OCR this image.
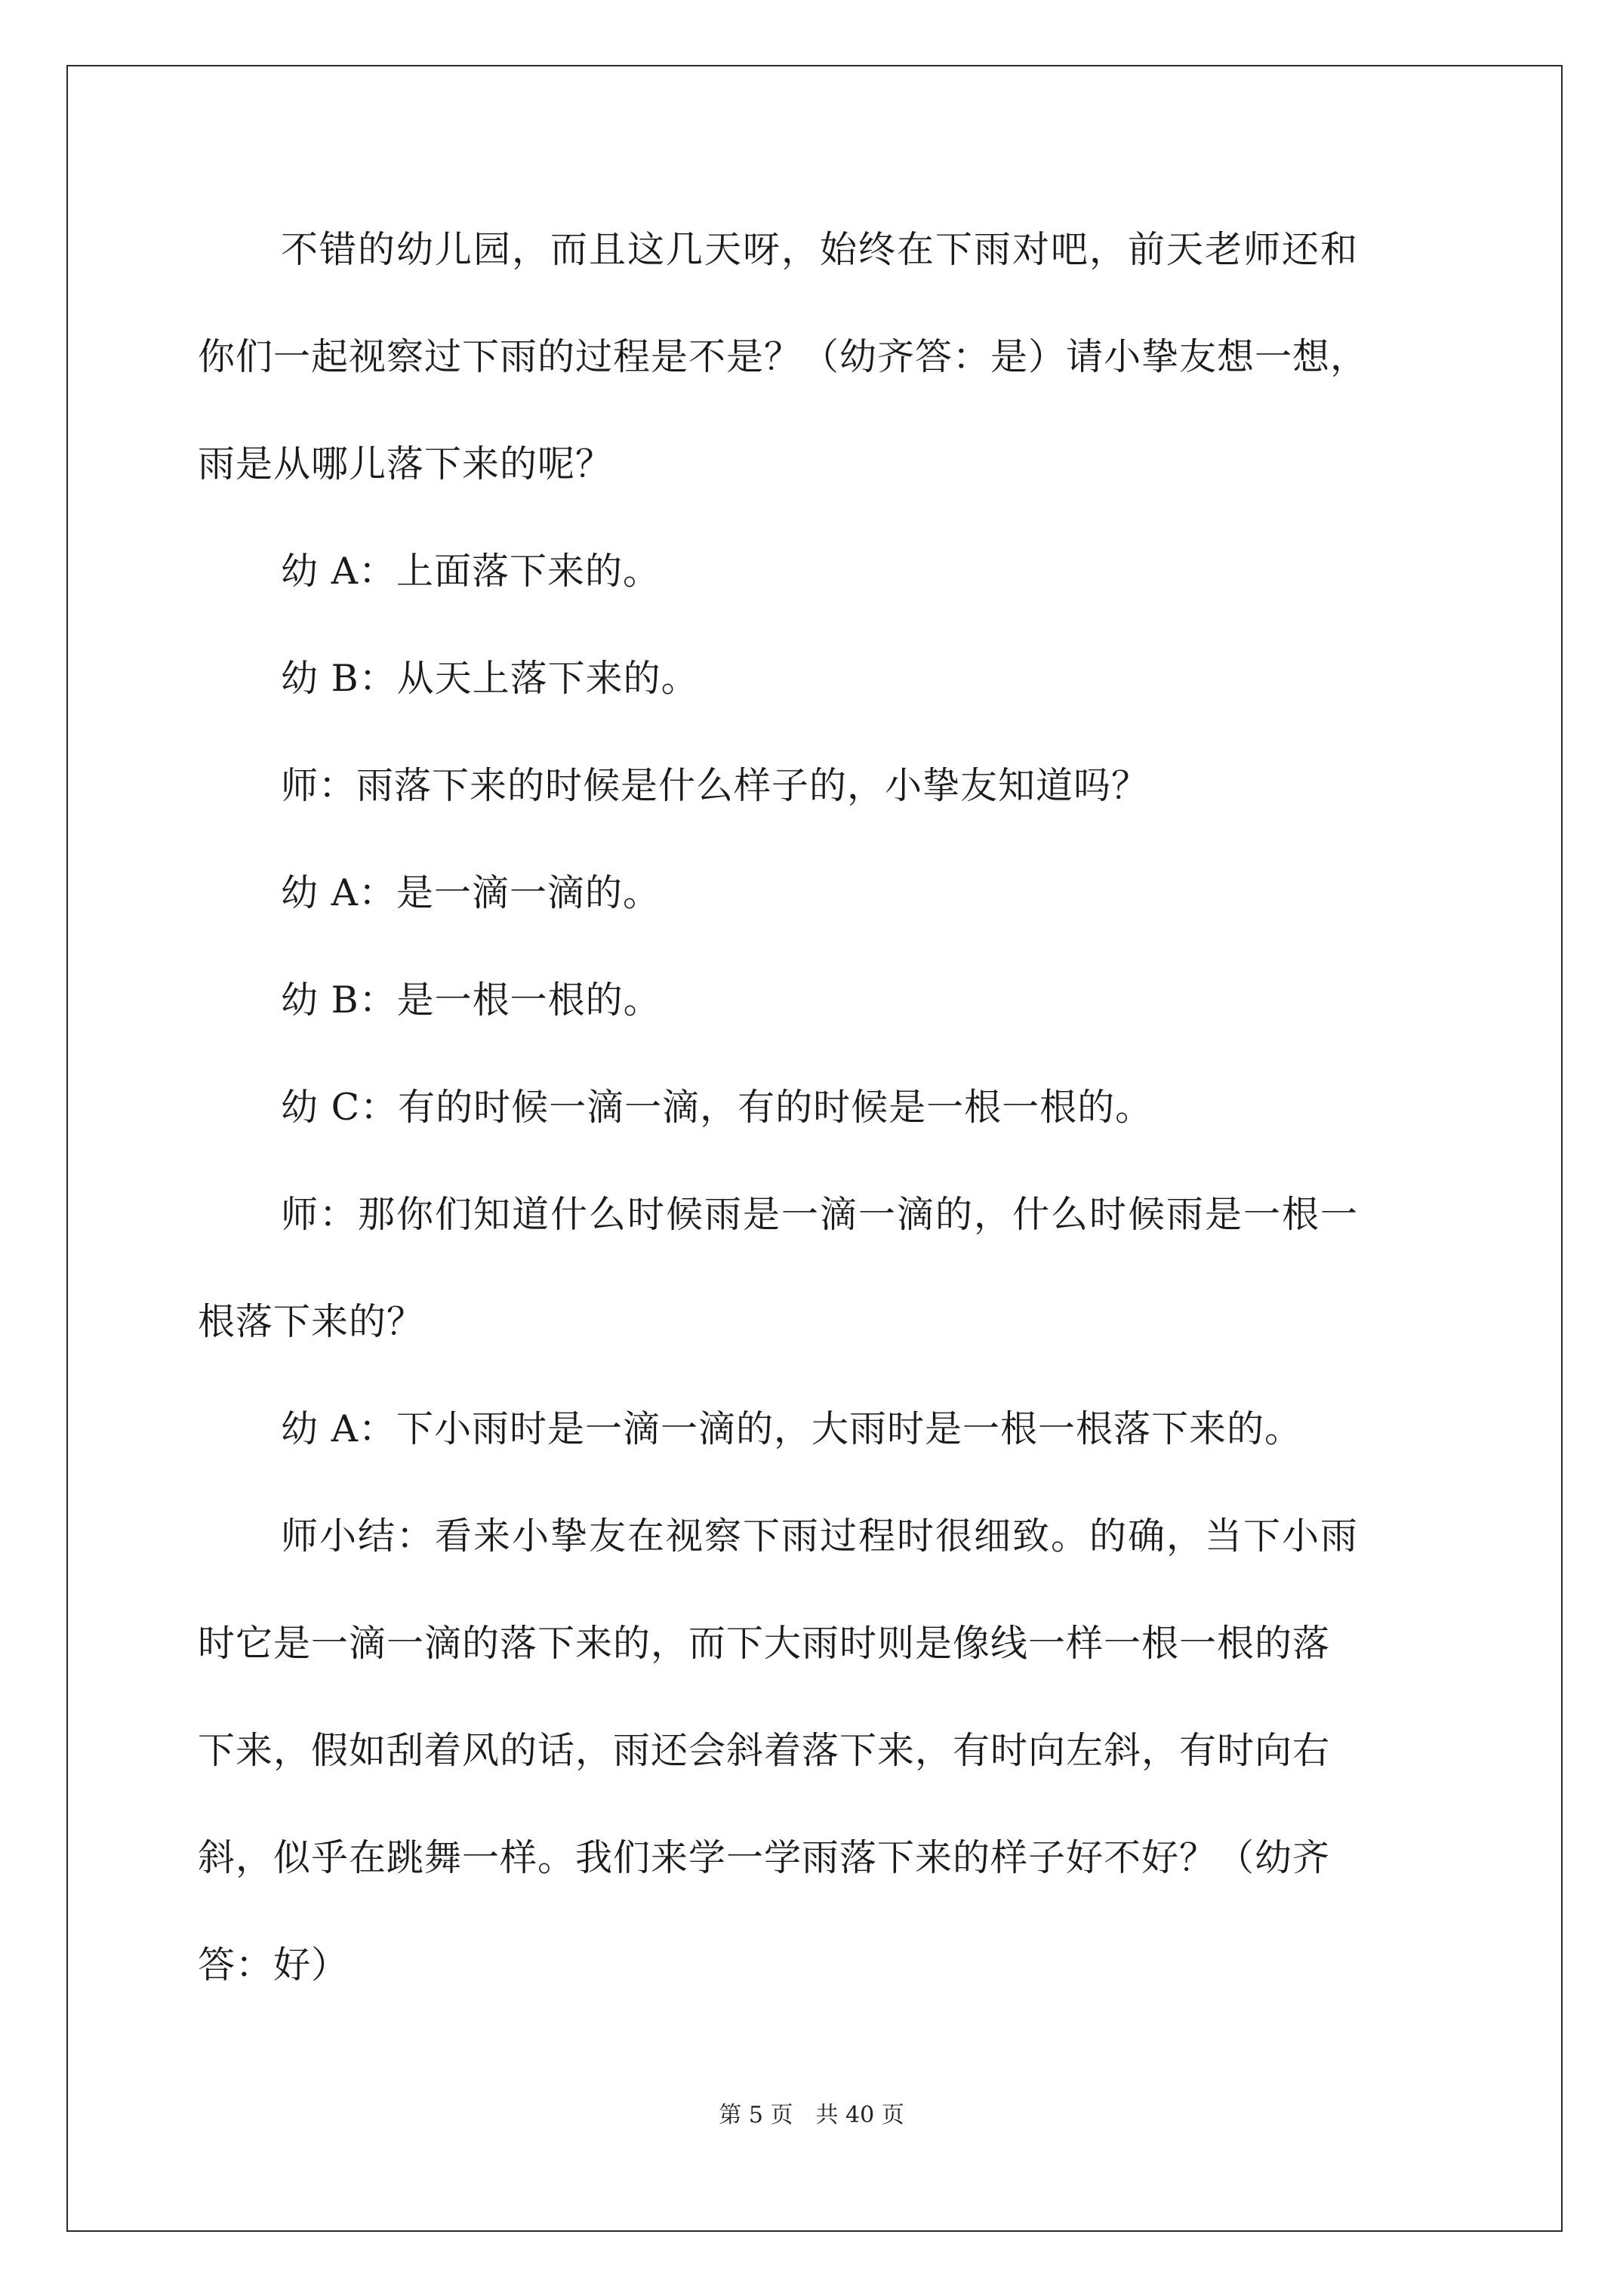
不错的幼儿园，而且这几天呀，始终在下雨对吧，前天老师还和
你们一起视察过下雨的过程是不是？（幼齐答：是）请小挚友想一想，
雨是从哪儿落下来的呢？
幼 A：上面落下来的。
幼 B：从天上落下来的。
师：雨落下来的时候是什么样子的，小挚友知道吗？
幼 A：是一滴一滴的。
幼 B：是一根一根的。
幼 C：有的时候一滴一滴，有的时候是一根一根的。
师：那你们知道什么时候雨是一滴一滴的，什么时候雨是一根一
根落下来的？
幼 A：下小雨时是一滴一滴的，大雨时是一根一根落下来的。
师小结：看来小挚友在视察下雨过程时很细致。的确，当下小雨
时它是一滴一滴的落下来的，而下大雨时则是像线一样一根一根的落
下来，假如刮着风的话，雨还会斜着落下来，有时向左斜，有时向右
斜，似乎在跳舞一样。我们来学一学雨落下来的样子好不好？（幼齐
答：好）
第 5 页　共 40 页
